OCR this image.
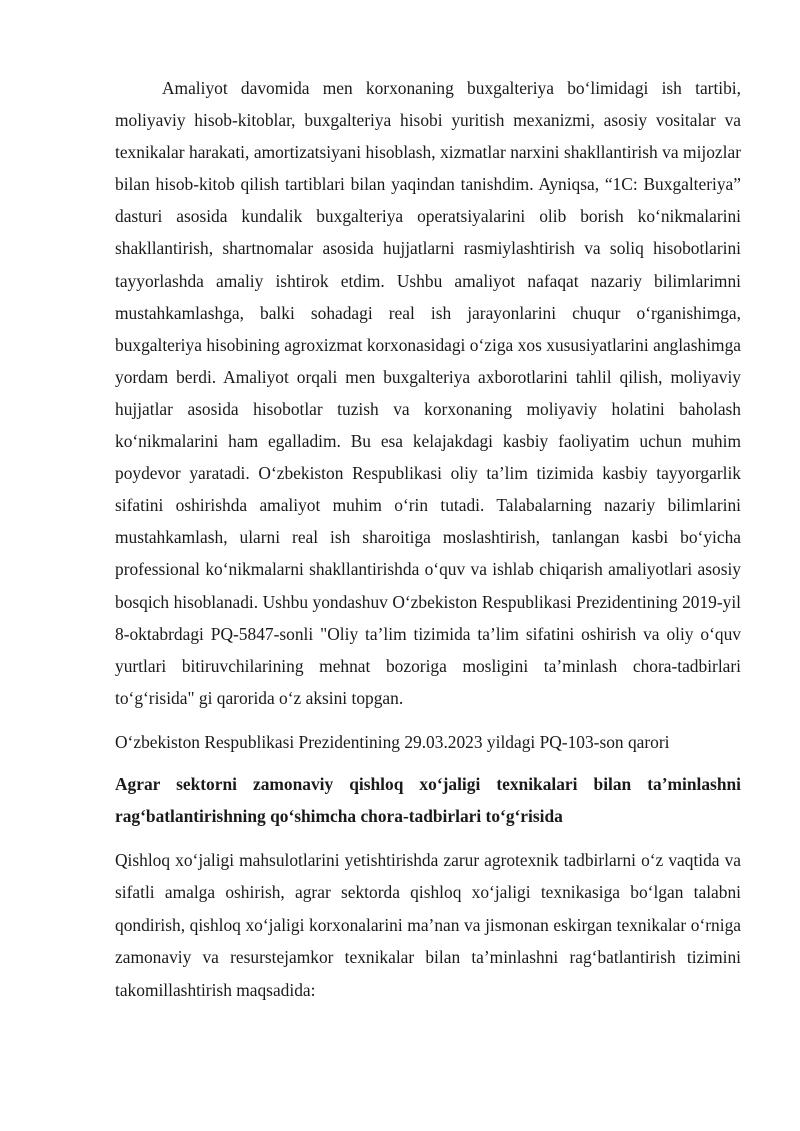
Amaliyot davomida men korxonaning buxgalteriya bo‘limidagi ish tartibi, moliyaviy hisob-kitoblar, buxgalteriya hisobi yuritish mexanizmi, asosiy vositalar va texnikalar harakati, amortizatsiyani hisoblash, xizmatlar narxini shakllantirish va mijozlar bilan hisob-kitob qilish tartiblari bilan yaqindan tanishdim. Ayniqsa, “1C: Buxgalteriya” dasturi asosida kundalik buxgalteriya operatsiyalarini olib borish ko‘nikmalarini shakllantirish, shartnomalar asosida hujjatlarni rasmiylashtirish va soliq hisobotlarini tayyorlashda amaliy ishtirok etdim. Ushbu amaliyot nafaqat nazariy bilimlarimni mustahkamlashga, balki sohadagi real ish jarayonlarini chuqur o‘rganishimga, buxgalteriya hisobining agroxizmat korxonasidagi o‘ziga xos xususiyatlarini anglashimga yordam berdi. Amaliyot orqali men buxgalteriya axborotlarini tahlil qilish, moliyaviy hujjatlar asosida hisobotlar tuzish va korxonaning moliyaviy holatini baholash ko‘nikmalarini ham egalladim. Bu esa kelajakdagi kasbiy faoliyatim uchun muhim poydevor yaratadi. O‘zbekiston Respublikasi oliy ta’lim tizimida kasbiy tayyorgarlik sifatini oshirishda amaliyot muhim o‘rin tutadi. Talabalarning nazariy bilimlarini mustahkamlash, ularni real ish sharoitiga moslashtirish, tanlangan kasbi bo‘yicha professional ko‘nikmalarni shakllantirishda o‘quv va ishlab chiqarish amaliyotlari asosiy bosqich hisoblanadi. Ushbu yondashuv O‘zbekiston Respublikasi Prezidentining 2019-yil 8-oktabrdagi PQ-5847-sonli "Oliy ta’lim tizimida ta’lim sifatini oshirish va oliy o‘quv yurtlari bitiruvchilarining mehnat bozoriga mosligini ta’minlash chora-tadbirlari to‘g‘risida" gi qarorida o‘z aksini topgan.

O‘zbekiston Respublikasi Prezidentining 29.03.2023 yildagi PQ-103-son qarori

Agrar sektorni zamonaviy qishloq xo‘jaligi texnikalari bilan ta’minlashni rag‘batlantirishning qo‘shimcha chora-tadbirlari to‘g‘risida

Qishloq xo‘jaligi mahsulotlarini yetishtirishda zarur agrotexnik tadbirlarni o‘z vaqtida va sifatli amalga oshirish, agrar sektorda qishloq xo‘jaligi texnikasiga bo‘lgan talabni qondirish, qishloq xo‘jaligi korxonalarini ma’nan va jismonan eskirgan texnikalar o‘rniga zamonaviy va resurstejamkor texnikalar bilan ta’minlashni rag‘batlantirish tizimini takomillashtirish maqsadida:
